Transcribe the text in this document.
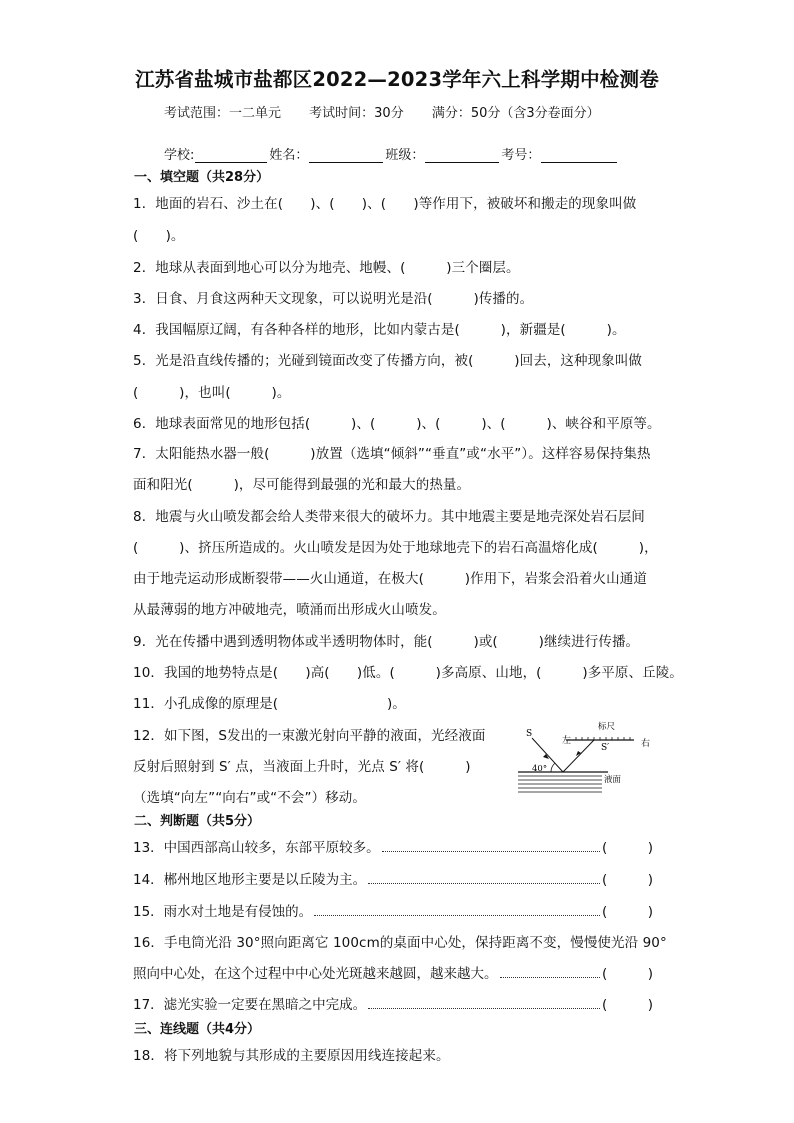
江苏省盐城市盐都区2022—2023学年六上科学期中检测卷
考试范围：一二单元 考试时间：30分 满分：50分（含3分卷面分）
学校:	姓名：	班级：	考号：
一、填空题（共28分）
1．地面的岩石、沙土在(　　)、(　　)、(　　)等作用下，被破坏和搬走的现象叫做
(　　)。
2．地球从表面到地心可以分为地壳、地幔、(　　　)三个圈层。
3．日食、月食这两种天文现象，可以说明光是沿(　　　)传播的。
4．我国幅原辽阔，有各种各样的地形，比如内蒙古是(　　　)，新疆是(　　　)。
5．光是沿直线传播的；光碰到镜面改变了传播方向，被(　　　)回去，这种现象叫做
(　　　)，也叫(　　　)。
6．地球表面常见的地形包括(　　　)、(　　　)、(　　　)、(　　　)、峡谷和平原等。
7．太阳能热水器一般(　　　)放置（选填“倾斜”“垂直”或“水平”）。这样容易保持集热
面和阳光(　　　)，尽可能得到最强的光和最大的热量。
8．地震与火山喷发都会给人类带来很大的破坏力。其中地震主要是地壳深处岩石层间
(　　　)、挤压所造成的。火山喷发是因为处于地球地壳下的岩石高温熔化成(　　　)，
由于地壳运动形成断裂带——火山通道，在极大(　　　)作用下，岩浆会沿着火山通道
从最薄弱的地方冲破地壳，喷涌而出形成火山喷发。
9．光在传播中遇到透明物体或半透明物体时，能(　　　)或(　　　)继续进行传播。
10．我国的地势特点是(　　)高(　　)低。(　　　)多高原、山地，(　　　)多平原、丘陵。
11．小孔成像的原理是(　　　　　　　　)。
12．如下图，S发出的一束激光射向平静的液面，光经液面
反射后照射到 S′ 点，当液面上升时，光点 S′ 将(　　　)
（选填“向左”“向右”或“不会”）移动。
S
左
标尺
S′	右
40°
液面
二、判断题（共5分）
13．中国西部高山较多，东部平原较多。	(　　　)
14．郴州地区地形主要是以丘陵为主。	(　　　)
15．雨水对土地是有侵蚀的。	(　　　)
16．手电筒光沿 30°照向距离它 100cm的桌面中心处，保持距离不变，慢慢使光沿 90°
照向中心处，在这个过程中中心处光斑越来越圆，越来越大。	(　　　)
17．滤光实验一定要在黑暗之中完成。	(　　　)
三、连线题（共4分）
18．将下列地貌与其形成的主要原因用线连接起来。
